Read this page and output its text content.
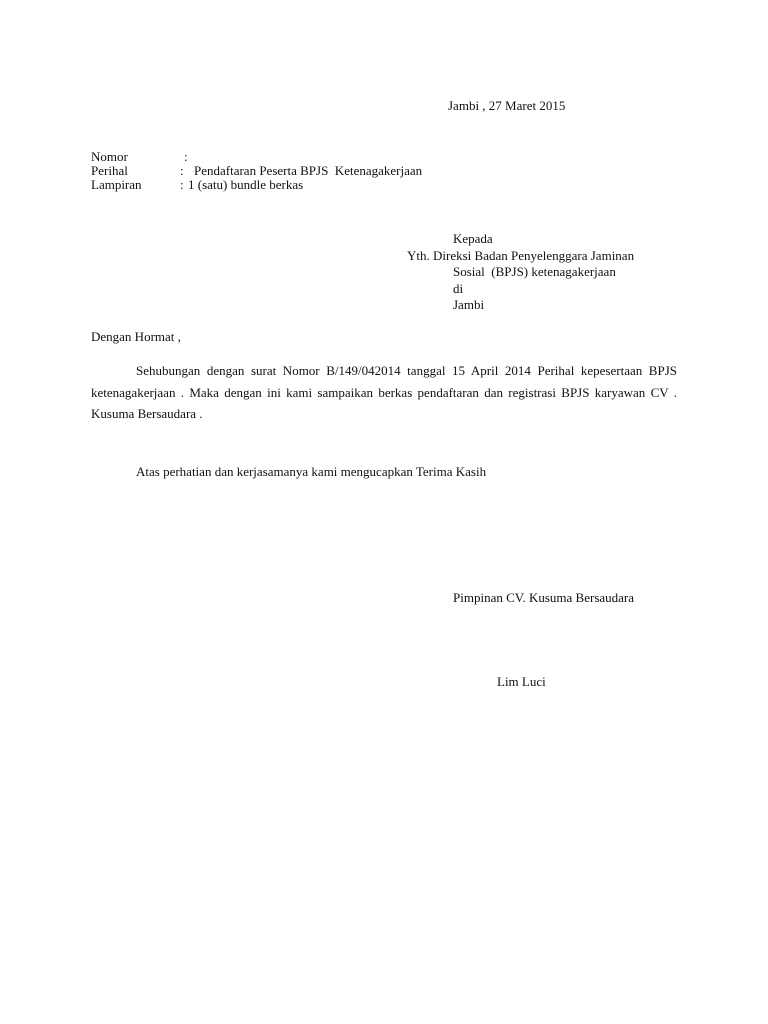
Jambi , 27 Maret 2015
Nomor	:
Perihal	: Pendaftaran Peserta BPJS  Ketenagakerjaan
Lampiran	: 1 (satu) bundle berkas
Kepada
Yth. Direksi Badan Penyelenggara Jaminan
Sosial  (BPJS) ketenagakerjaan
di
Jambi
Dengan Hormat ,
Sehubungan dengan surat Nomor B/149/042014 tanggal 15 April 2014 Perihal kepesertaan BPJS ketenagakerjaan . Maka dengan ini kami sampaikan berkas pendaftaran dan registrasi BPJS karyawan CV . Kusuma Bersaudara .
Atas perhatian dan kerjasamanya kami mengucapkan Terima Kasih
Pimpinan CV. Kusuma Bersaudara
Lim Luci
